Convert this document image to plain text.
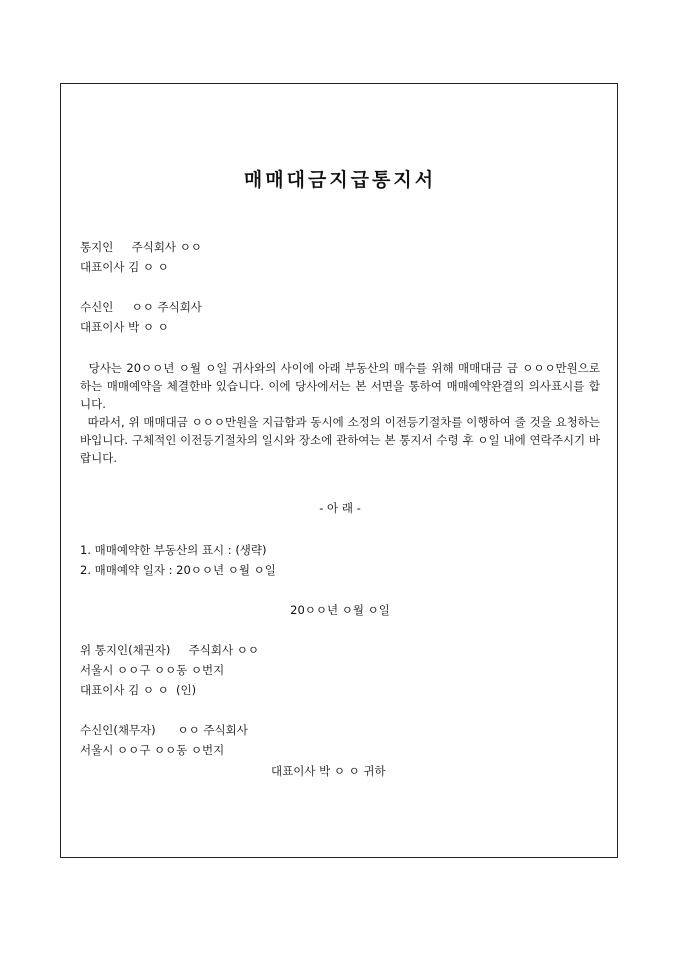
매매대금지급통지서
통지인     주식회사 ㅇㅇ
대표이사 김 ㅇ ㅇ
수신인     ㅇㅇ 주식회사
대표이사 박 ㅇ ㅇ
당사는 20ㅇㅇ년 ㅇ월 ㅇ일 귀사와의 사이에 아래 부동산의 매수를 위해 매매대금 금 ㅇㅇㅇ만원으로 하는 매매예약을 체결한바 있습니다. 이에 당사에서는 본 서면을 통하여 매매예약완결의 의사표시를 합니다.
따라서, 위 매매대금 ㅇㅇㅇ만원을 지급함과 동시에 소정의 이전등기절차를 이행하여 줄 것을 요청하는 바입니다. 구체적인 이전등기절차의 일시와 장소에 관하여는 본 통지서 수령 후 ㅇ일 내에 연락주시기 바랍니다.
- 아 래 -
1. 매매예약한 부동산의 표시 : (생략)
2. 매매예약 일자 : 20ㅇㅇ년 ㅇ월 ㅇ일
20ㅇㅇ년 ㅇ월 ㅇ일
위 통지인(채권자)     주식회사 ㅇㅇ
서울시 ㅇㅇ구 ㅇㅇ동 ㅇ번지
대표이사 김 ㅇ ㅇ  (인)
수신인(채무자)      ㅇㅇ 주식회사
서울시 ㅇㅇ구 ㅇㅇ동 ㅇ번지
대표이사 박 ㅇ ㅇ 귀하
